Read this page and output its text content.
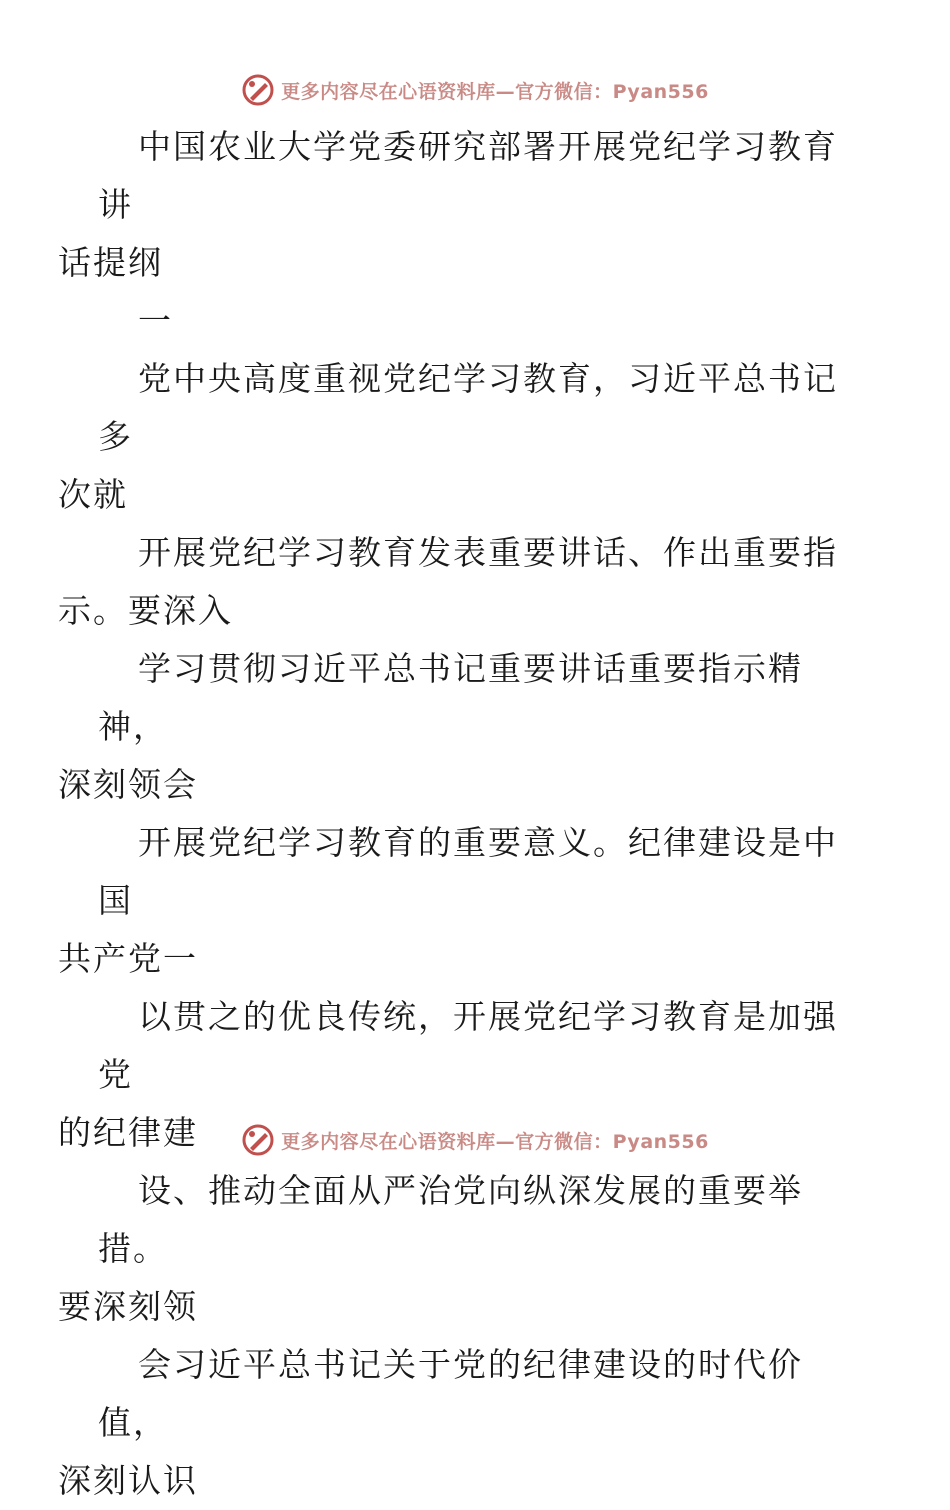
更多内容尽在心语资料库—官方微信：Pyan556

中国农业大学党委研究部署开展党纪学习教育讲
话提纲

一

党中央高度重视党纪学习教育，习近平总书记多
次就

开展党纪学习教育发表重要讲话、作出重要指
示。要深入

学习贯彻习近平总书记重要讲话重要指示精神，
深刻领会

开展党纪学习教育的重要意义。纪律建设是中国
共产党一

以贯之的优良传统，开展党纪学习教育是加强党
的纪律建

设、推动全面从严治党向纵深发展的重要举措。
要深刻领

会习近平总书记关于党的纪律建设的时代价值，
深刻认识

更多内容尽在心语资料库—官方微信：Pyan556
